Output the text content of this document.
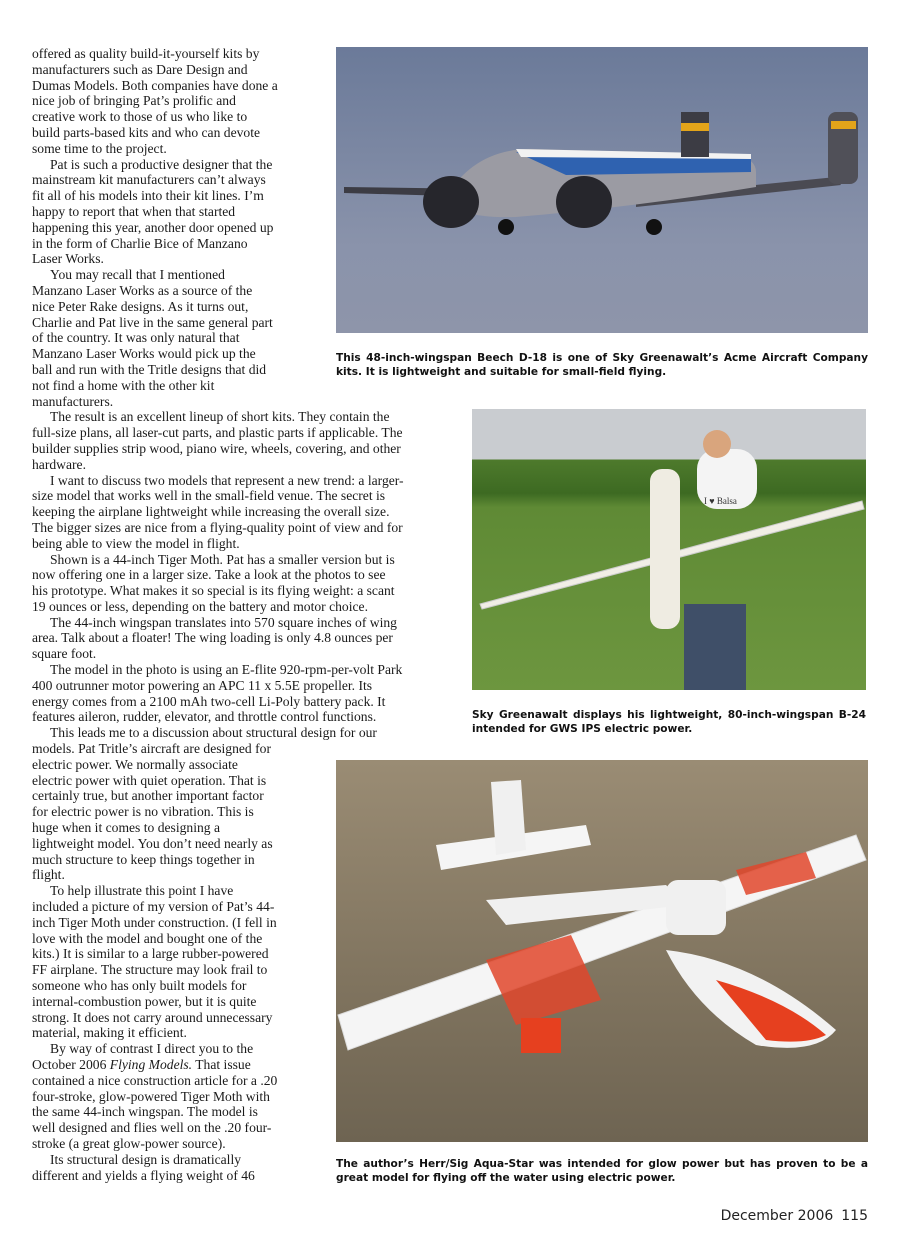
offered as quality build-it-yourself kits by
manufacturers such as Dare Design and
Dumas Models. Both companies have done a
nice job of bringing Pat’s prolific and
creative work to those of us who like to
build parts-based kits and who can devote
some time to the project.
Pat is such a productive designer that the
mainstream kit manufacturers can’t always
fit all of his models into their kit lines. I’m
happy to report that when that started
happening this year, another door opened up
in the form of Charlie Bice of Manzano
Laser Works.
You may recall that I mentioned
Manzano Laser Works as a source of the
nice Peter Rake designs. As it turns out,
Charlie and Pat live in the same general part
of the country. It was only natural that
Manzano Laser Works would pick up the
ball and run with the Tritle designs that did
not find a home with the other kit
manufacturers.
The result is an excellent lineup of short kits. They contain the
full-size plans, all laser-cut parts, and plastic parts if applicable. The
builder supplies strip wood, piano wire, wheels, covering, and other
hardware.
I want to discuss two models that represent a new trend: a larger-
size model that works well in the small-field venue. The secret is
keeping the airplane lightweight while increasing the overall size.
The bigger sizes are nice from a flying-quality point of view and for
being able to view the model in flight.
Shown is a 44-inch Tiger Moth. Pat has a smaller version but is
now offering one in a larger size. Take a look at the photos to see
his prototype. What makes it so special is its flying weight: a scant
19 ounces or less, depending on the battery and motor choice.
The 44-inch wingspan translates into 570 square inches of wing
area. Talk about a floater! The wing loading is only 4.8 ounces per
square foot.
The model in the photo is using an E-flite 920-rpm-per-volt Park
400 outrunner motor powering an APC 11 x 5.5E propeller. Its
energy comes from a 2100 mAh two-cell Li-Poly battery pack. It
features aileron, rudder, elevator, and throttle control functions.
This leads me to a discussion about structural design for our
models. Pat Tritle’s aircraft are designed for
electric power. We normally associate
electric power with quiet operation. That is
certainly true, but another important factor
for electric power is no vibration. This is
huge when it comes to designing a
lightweight model. You don’t need nearly as
much structure to keep things together in
flight.
To help illustrate this point I have
included a picture of my version of Pat’s 44-
inch Tiger Moth under construction. (I fell in
love with the model and bought one of the
kits.) It is similar to a large rubber-powered
FF airplane. The structure may look frail to
someone who has only built models for
internal-combustion power, but it is quite
strong. It does not carry around unnecessary
material, making it efficient.
By way of contrast I direct you to the
October 2006 Flying Models. That issue
contained a nice construction article for a .20
four-stroke, glow-powered Tiger Moth with
the same 44-inch wingspan. The model is
well designed and flies well on the .20 four-
stroke (a great glow-power source).
Its structural design is dramatically
different and yields a flying weight of 46
This 48-inch-wingspan Beech D-18 is one of Sky Greenawalt’s Acme Aircraft Company kits. It is lightweight and suitable for small-field flying.
I ♥ Balsa
Sky Greenawalt displays his lightweight, 80-inch-wingspan B-24 intended for GWS IPS electric power.
The author’s Herr/Sig Aqua-Star was intended for glow power but has proven to be a great model for flying off the water using electric power.
December 2006 115
